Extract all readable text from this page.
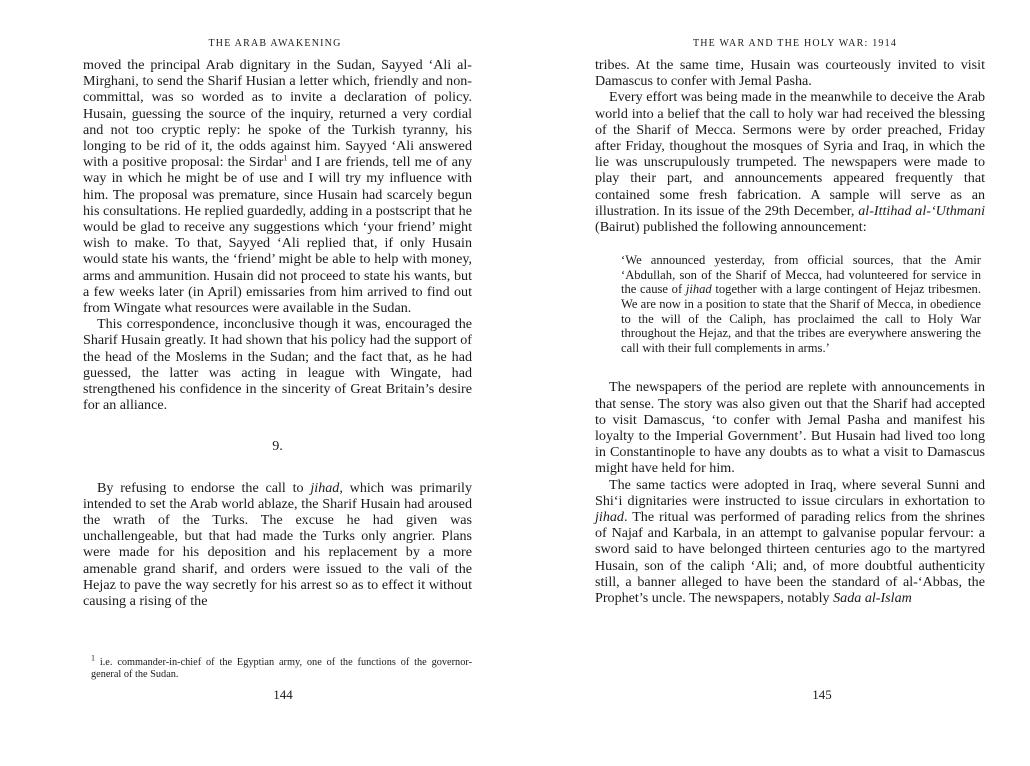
THE ARAB AWAKENING

moved the principal Arab dignitary in the Sudan, Sayyed ‘Ali al-Mirghani, to send the Sharif Husian a letter which, friendly and non-committal, was so worded as to invite a declaration of policy. Husain, guessing the source of the inquiry, returned a very cordial and not too cryptic reply: he spoke of the Turkish tyranny, his longing to be rid of it, the odds against him. Sayyed ‘Ali answered with a positive proposal: the Sirdar$^1$ and I are friends, tell me of any way in which he might be of use and I will try my influence with him. The proposal was premature, since Husain had scarcely begun his consultations. He replied guardedly, adding in a postscript that he would be glad to receive any suggestions which ‘your friend’ might wish to make. To that, Sayyed ‘Ali replied that, if only Husain would state his wants, the ‘friend’ might be able to help with money, arms and ammunition. Husain did not proceed to state his wants, but a few weeks later (in April) emissaries from him arrived to find out from Wingate what resources were available in the Sudan.

This correspondence, inconclusive though it was, encouraged the Sharif Husain greatly. It had shown that his policy had the support of the head of the Moslems in the Sudan; and the fact that, as he had guessed, the latter was acting in league with Wingate, had strengthened his confidence in the sincerity of Great Britain’s desire for an alliance.

9.

By refusing to endorse the call to jihad, which was primarily intended to set the Arab world ablaze, the Sharif Husain had aroused the wrath of the Turks. The excuse he had given was unchallengeable, but that had made the Turks only angrier. Plans were made for his deposition and his replacement by a more amenable grand sharif, and orders were issued to the vali of the Hejaz to pave the way secretly for his arrest so as to effect it without causing a rising of the

$^1$ i.e. commander-in-chief of the Egyptian army, one of the functions of the governor-general of the Sudan.
144
THE WAR AND THE HOLY WAR: 1914

tribes. At the same time, Husain was courteously invited to visit Damascus to confer with Jemal Pasha.

Every effort was being made in the meanwhile to deceive the Arab world into a belief that the call to holy war had received the blessing of the Sharif of Mecca. Sermons were by order preached, Friday after Friday, thoughout the mosques of Syria and Iraq, in which the lie was unscrupulously trumpeted. The newspapers were made to play their part, and announcements appeared frequently that contained some fresh fabrication. A sample will serve as an illustration. In its issue of the 29th December, al-Ittihad al-‘Uthmani (Bairut) published the following announcement:

‘We announced yesterday, from official sources, that the Amir ‘Abdullah, son of the Sharif of Mecca, had volunteered for service in the cause of jihad together with a large contingent of Hejaz tribesmen. We are now in a position to state that the Sharif of Mecca, in obedience to the will of the Caliph, has proclaimed the call to Holy War throughout the Hejaz, and that the tribes are everywhere answering the call with their full complements in arms.’

The newspapers of the period are replete with announcements in that sense. The story was also given out that the Sharif had accepted to visit Damascus, ‘to confer with Jemal Pasha and manifest his loyalty to the Imperial Government’. But Husain had lived too long in Constantinople to have any doubts as to what a visit to Damascus might have held for him.

The same tactics were adopted in Iraq, where several Sunni and Shi‘i dignitaries were instructed to issue circulars in exhortation to jihad. The ritual was performed of parading relics from the shrines of Najaf and Karbala, in an attempt to galvanise popular fervour: a sword said to have belonged thirteen centuries ago to the martyred Husain, son of the caliph ‘Ali; and, of more doubtful authenticity still, a banner alleged to have been the standard of al-‘Abbas, the Prophet’s uncle. The newspapers, notably Sada al-Islam

145
